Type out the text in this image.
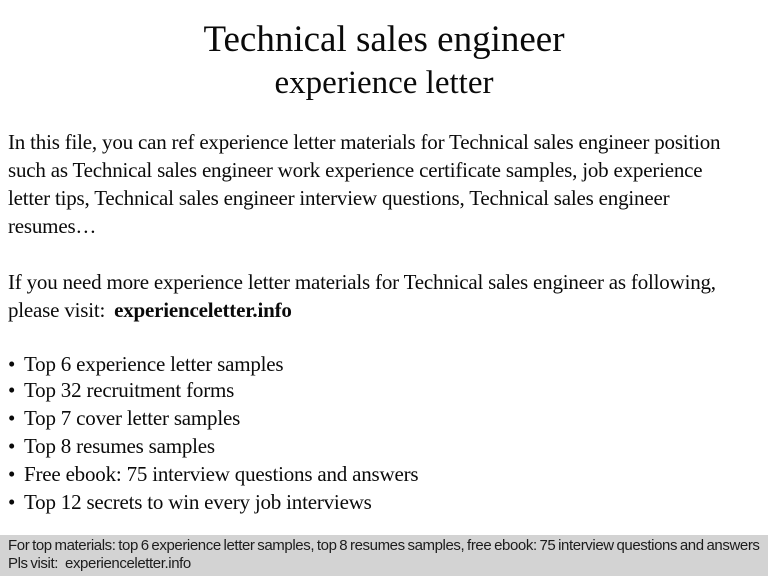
Technical sales engineer
experience letter
In this file, you can ref experience letter materials for Technical sales engineer position
such as Technical sales engineer work experience certificate samples, job experience
letter tips, Technical sales engineer interview questions, Technical sales engineer
resumes…
If you need more experience letter materials for Technical sales engineer as following,
please visit: experienceletter.info
• Top 6 experience letter samples
• Top 32 recruitment forms
• Top 7 cover letter samples
• Top 8 resumes samples
• Free ebook: 75 interview questions and answers
• Top 12 secrets to win every job interviews
For top materials: top 6 experience letter samples, top 8 resumes samples, free ebook: 75 interview questions and answers
Pls visit: experienceletter.info
